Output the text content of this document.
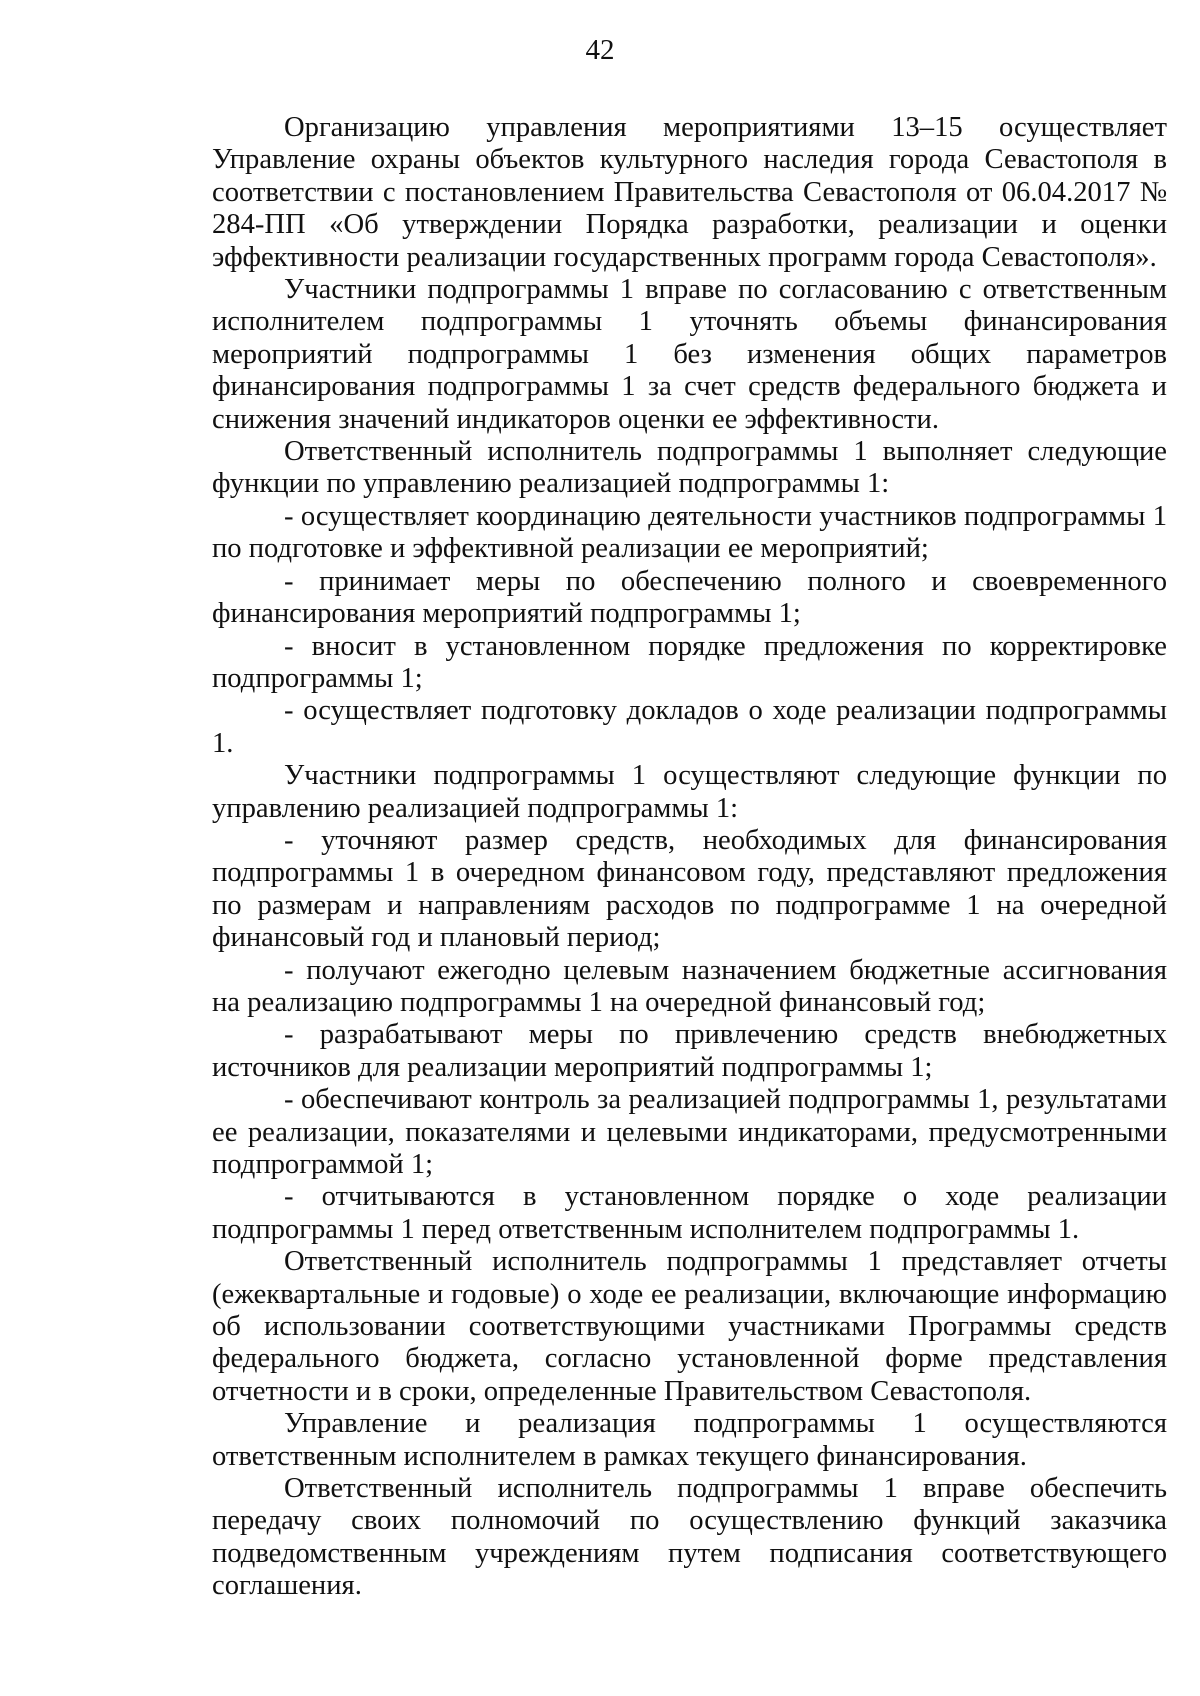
42

Организацию управления мероприятиями 13–15 осуществляет Управление охраны объектов культурного наследия города Севастополя в соответствии с постановлением Правительства Севастополя от 06.04.2017 № 284-ПП «Об утверждении Порядка разработки, реализации и оценки эффективности реализации государственных программ города Севастополя».

Участники подпрограммы 1 вправе по согласованию с ответственным исполнителем подпрограммы 1 уточнять объемы финансирования мероприятий подпрограммы 1 без изменения общих параметров финансирования подпрограммы 1 за счет средств федерального бюджета и снижения значений индикаторов оценки ее эффективности.

Ответственный исполнитель подпрограммы 1 выполняет следующие функции по управлению реализацией подпрограммы 1:

- осуществляет координацию деятельности участников подпрограммы 1 по подготовке и эффективной реализации ее мероприятий;

- принимает меры по обеспечению полного и своевременного финансирования мероприятий подпрограммы 1;

- вносит в установленном порядке предложения по корректировке подпрограммы 1;

- осуществляет подготовку докладов о ходе реализации подпрограммы 1.

Участники подпрограммы 1 осуществляют следующие функции по управлению реализацией подпрограммы 1:

- уточняют размер средств, необходимых для финансирования подпрограммы 1 в очередном финансовом году, представляют предложения по размерам и направлениям расходов по подпрограмме 1 на очередной финансовый год и плановый период;

- получают ежегодно целевым назначением бюджетные ассигнования на реализацию подпрограммы 1 на очередной финансовый год;

- разрабатывают меры по привлечению средств внебюджетных источников для реализации мероприятий подпрограммы 1;

- обеспечивают контроль за реализацией подпрограммы 1, результатами ее реализации, показателями и целевыми индикаторами, предусмотренными подпрограммой 1;

- отчитываются в установленном порядке о ходе реализации подпрограммы 1 перед ответственным исполнителем подпрограммы 1.

Ответственный исполнитель подпрограммы 1 представляет отчеты (ежеквартальные и годовые) о ходе ее реализации, включающие информацию об использовании соответствующими участниками Программы средств федерального бюджета, согласно установленной форме представления отчетности и в сроки, определенные Правительством Севастополя.

Управление и реализация подпрограммы 1 осуществляются ответственным исполнителем в рамках текущего финансирования.

Ответственный исполнитель подпрограммы 1 вправе обеспечить передачу своих полномочий по осуществлению функций заказчика подведомственным учреждениям путем подписания соответствующего соглашения.
